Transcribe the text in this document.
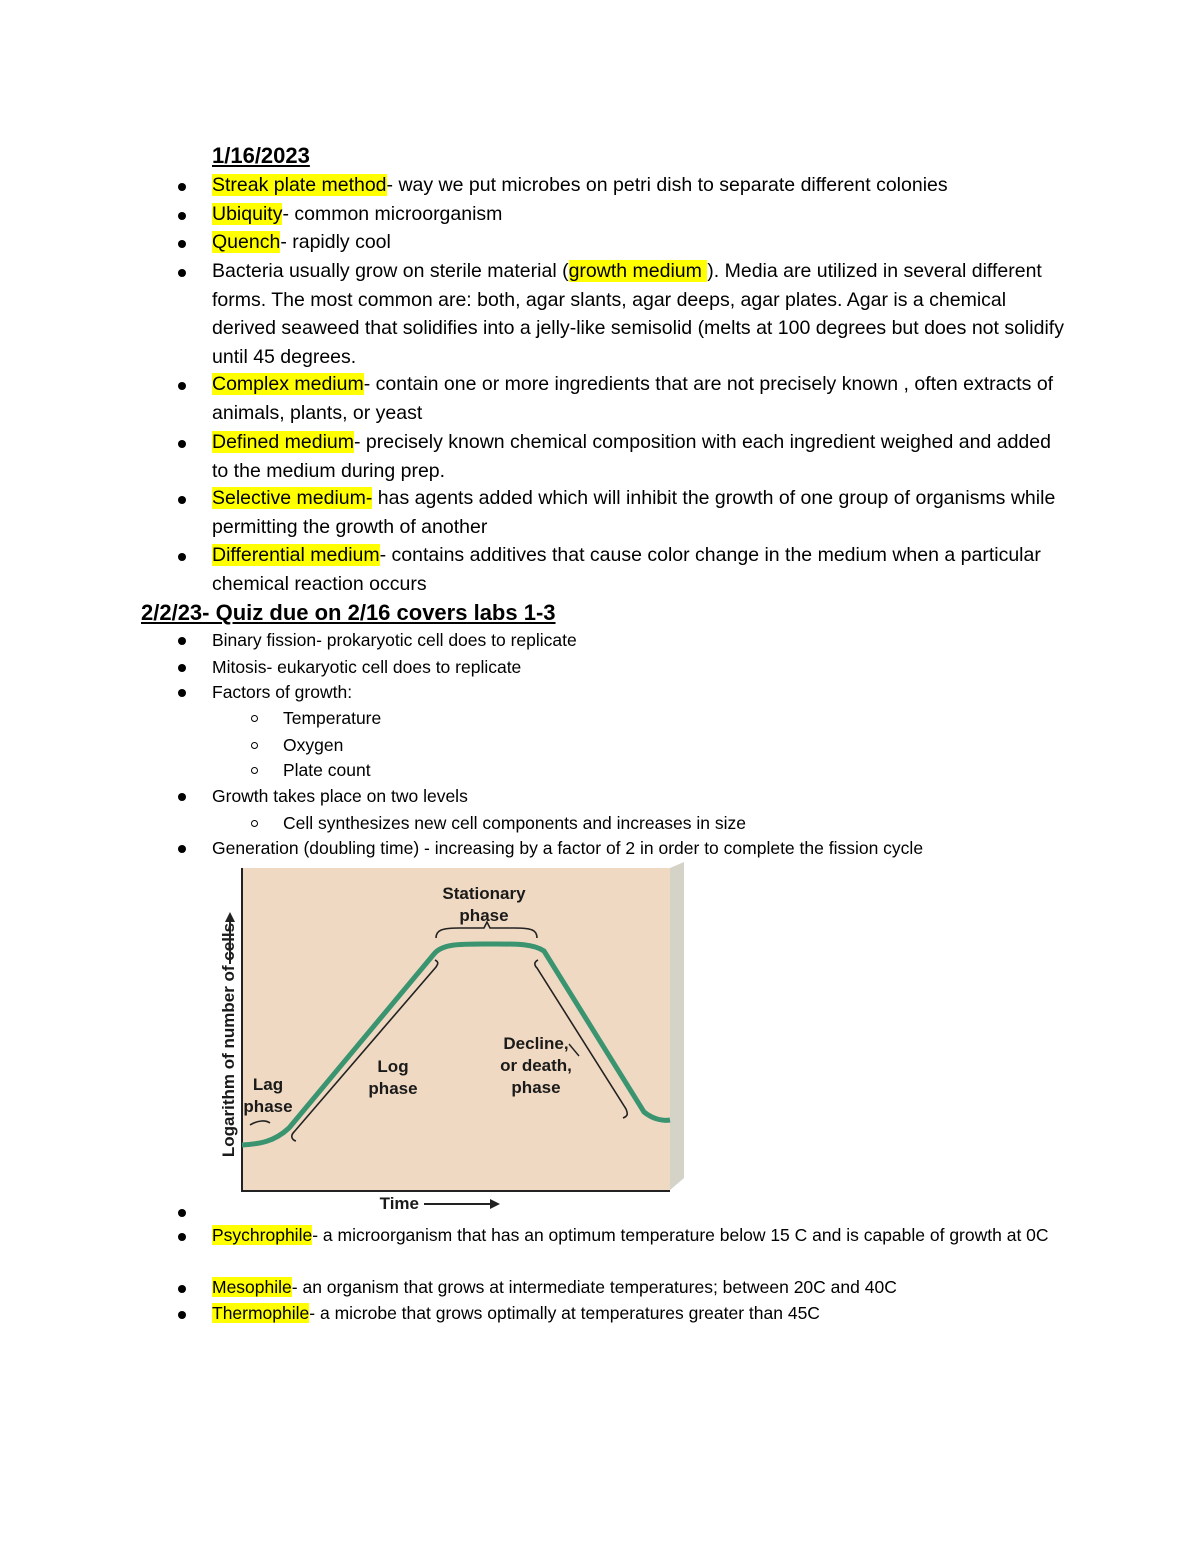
1/16/2023
Streak plate method- way we put microbes on petri dish to separate different colonies
Ubiquity- common microorganism
Quench- rapidly cool
Bacteria usually grow on sterile material (growth medium ). Media are utilized in several different forms. The most common are: both, agar slants, agar deeps, agar plates. Agar is a chemical derived seaweed that solidifies into a jelly-like semisolid (melts at 100 degrees but does not solidify until 45 degrees.
Complex medium- contain one or more ingredients that are not precisely known , often extracts of animals, plants, or yeast
Defined medium- precisely known chemical composition with each ingredient weighed and added to the medium during prep.
Selective medium- has agents added which will inhibit the growth of one group of organisms while permitting the growth of another
Differential medium- contains additives that cause color change in the medium when a particular chemical reaction occurs
2/2/23- Quiz due on 2/16 covers labs 1-3
Binary fission- prokaryotic cell does to replicate
Mitosis- eukaryotic cell does to replicate
Factors of growth:
Temperature
Oxygen
Plate count
Growth takes place on two levels
Cell synthesizes new cell components and increases in size
Generation (doubling time) - increasing by a factor of 2 in order to complete the fission cycle
Logarithm of number of cells
Time
Lag
phase
Log
phase
Stationary
phase
Decline,
or death,
phase
Psychrophile- a microorganism that has an optimum temperature below 15 C and is capable of growth at 0C
Mesophile- an organism that grows at intermediate temperatures; between 20C and 40C
Thermophile- a microbe that grows optimally at temperatures greater than 45C
